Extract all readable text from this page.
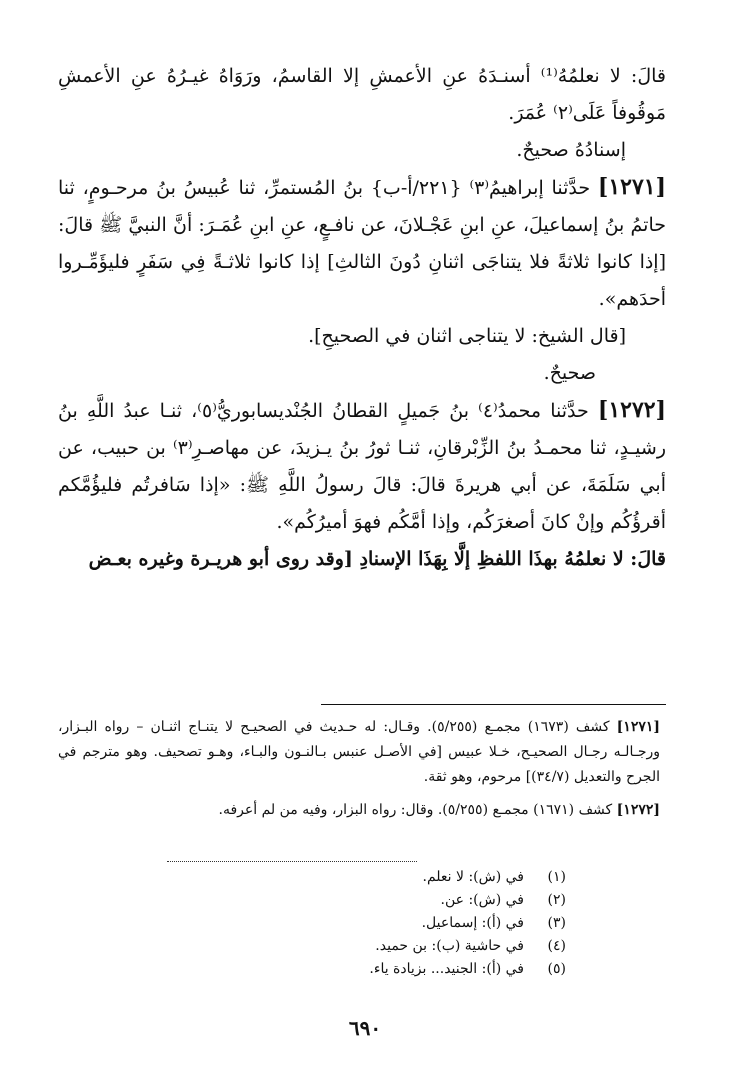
قالَ: لا نعلمُهُ⁽¹⁾ أسنـدَهُ عنِ الأعمشِ إلا القاسمُ، ورَوَاهُ غيـرُهُ عنِ الأعمشِ مَوقُوفاً عَلَى⁽٢⁾ عُمَرَ.

إسنادُهُ صحيحٌ.

[١٢٧١] حدَّثنا إبراهيمُ⁽٣⁾ {٢٢١/أ-ب} بنُ المُستمرِّ، ثنا عُبيسُ بنُ مرحـومٍ، ثنا حاتمُ بنُ إسماعيلَ، عنِ ابنِ عَجْـلانَ، عن نافـعٍ، عنِ ابنِ عُمَـرَ: أنَّ النبيَّ ﷺ قالَ: [إذا كانوا ثلاثةً فلا يتناجَى اثنانِ دُونَ الثالثِ] إذا كانوا ثلاثـةً فِي سَفَرٍ فليؤَمِّـروا أحدَهم».

[قال الشيخ: لا يتناجى اثنان في الصحيحِ].

صحيحٌ.

[١٢٧٢] حدَّثنا محمدُ⁽٤⁾ بنُ جَميلٍ القطانُ الجُنْديسابوريُّ⁽٥⁾، ثنـا عبدُ اللَّهِ بنُ رشيـدٍ، ثنا محمـدُ بنُ الزِّبْرقانِ، ثنـا ثورُ بنُ يـزيدَ، عن مهاصـرِ⁽٣⁾ بن حبيب، عن أبي سَلَمَةَ، عن أبي هريرةَ قالَ: قالَ رسولُ اللَّهِ ﷺ: «إذا سَافرتُم فليؤُمَّكم أقرؤُكُم وإنْ كانَ أصغرَكُم، وإذا أمَّكُم فهوَ أميرُكُم».

قالَ: لا نعلمُهُ بهذَا اللفظِ إلَّا بِهَذَا الإسنادِ [وقد روى أبو هريـرة وغيره بعـض

[١٢٧١] كشف (١٦٧٣) مجمـع (٥/٢٥٥). وقـال: له حـديث في الصحيـح لا يتنـاج اثنـان – رواه البـزار، ورجـالـه رجـال الصحيـح، خـلا عبيس [في الأصـل عنبس بـالنـون والبـاء، وهـو تصحيف. وهو مترجم في الجرح والتعديل (٣٤/٧)] مرحوم، وهو ثقة.

[١٢٧٢] كشف (١٦٧١) مجمـع (٥/٢٥٥). وقال: رواه البزار، وفيه من لم أعرفه.

(١)
في (ش): لا نعلم.
(٢)
في (ش): عن.
(٣)
في (أ): إسماعيل.
(٤)
في حاشية (ب): بن حميد.
(٥)
في (أ): الجنيد... بزيادة ياء.
٦٩٠
